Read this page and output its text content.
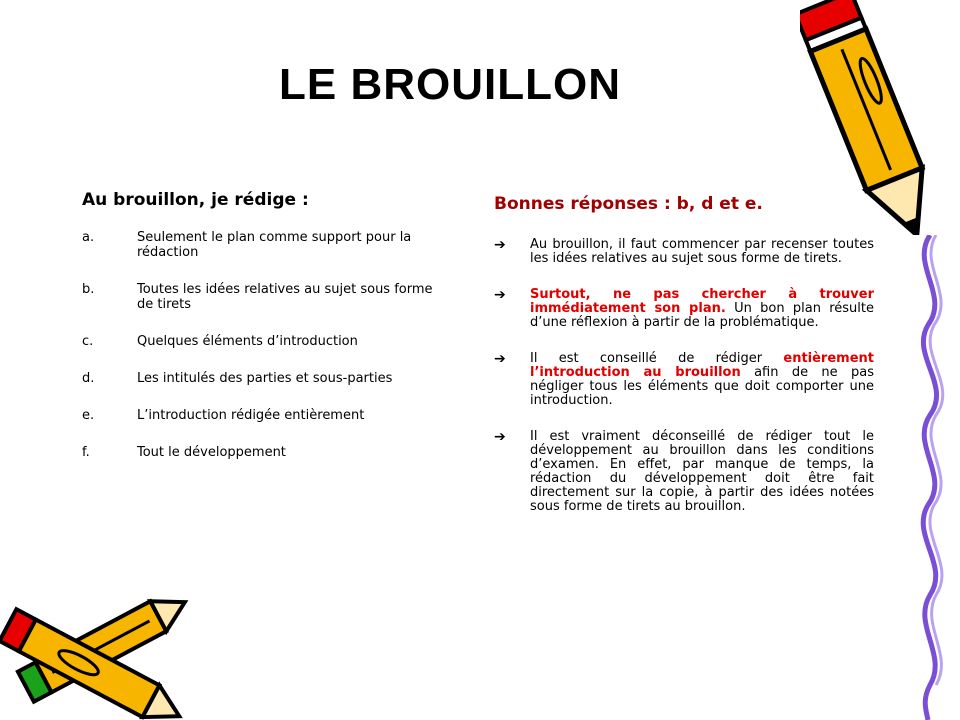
LE BROUILLON
Au brouillon, je rédige :
a.	Seulement le plan comme support pour la rédaction
b.	Toutes les idées relatives au sujet sous forme de tirets
c.	Quelques éléments d’introduction
d.	Les intitulés des parties et sous-parties
e.	L’introduction rédigée entièrement
f.	Tout le développement
Bonnes réponses : b, d et e.
➔	Au brouillon, il faut commencer par recenser toutes les idées relatives au sujet sous forme de tirets.
➔	Surtout, ne pas chercher à trouver immédiatement son plan. Un bon plan résulte d’une réflexion à partir de la problématique.
➔	Il est conseillé de rédiger entièrement l’introduction au brouillon afin de ne pas négliger tous les éléments que doit comporter une introduction.
➔	Il est vraiment déconseillé de rédiger tout le développement au brouillon dans les conditions d’examen. En effet, par manque de temps, la rédaction du développement doit être fait directement sur la copie, à partir des idées notées sous forme de tirets au brouillon.
